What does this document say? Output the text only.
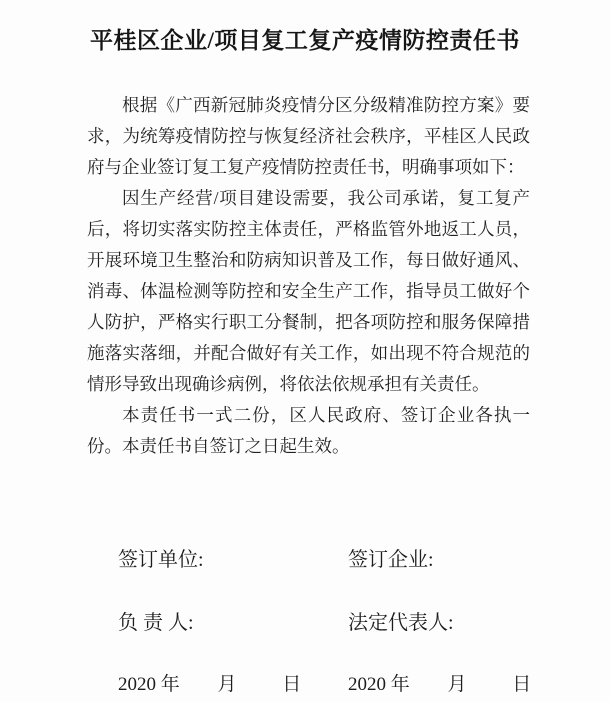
平桂区企业/项目复工复产疫情防控责任书

根据《广西新冠肺炎疫情分区分级精准防控方案》要求，为统筹疫情防控与恢复经济社会秩序，平桂区人民政府与企业签订复工复产疫情防控责任书，明确事项如下：

因生产经营/项目建设需要，我公司承诺，复工复产后，将切实落实防控主体责任，严格监管外地返工人员，开展环境卫生整治和防病知识普及工作，每日做好通风、消毒、体温检测等防控和安全生产工作，指导员工做好个人防护，严格实行职工分餐制，把各项防控和服务保障措施落实落细，并配合做好有关工作，如出现不符合规范的情形导致出现确诊病例，将依法依规承担有关责任。

本责任书一式二份，区人民政府、签订企业各执一份。本责任书自签订之日起生效。

签订单位:	签订企业:
负 责 人:	法定代表人:
2020 年 月 日	2020 年 月 日
